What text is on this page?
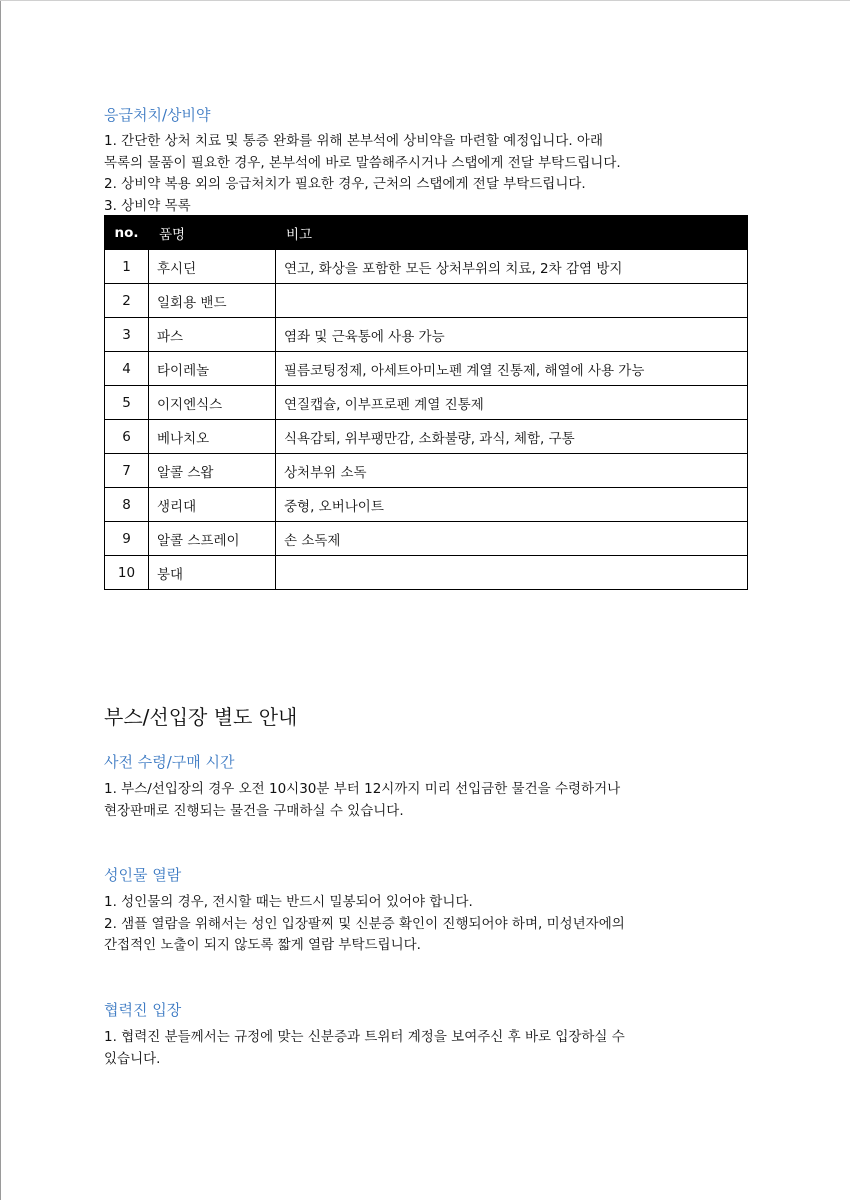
응급처치/상비약
1. 간단한 상처 치료 및 통증 완화를 위해 본부석에 상비약을 마련할 예정입니다. 아래
목록의 물품이 필요한 경우, 본부석에 바로 말씀해주시거나 스탭에게 전달 부탁드립니다.
2. 상비약 복용 외의 응급처치가 필요한 경우, 근처의 스탭에게 전달 부탁드립니다.
3. 상비약 목록
no.	품명	비고
1	후시딘	연고, 화상을 포함한 모든 상처부위의 치료, 2차 감염 방지
2	일회용 밴드	
3	파스	염좌 및 근육통에 사용 가능
4	타이레놀	필름코팅정제, 아세트아미노펜 계열 진통제, 해열에 사용 가능
5	이지엔식스	연질캡슐, 이부프로펜 계열 진통제
6	베나치오	식욕감퇴, 위부팽만감, 소화불량, 과식, 체함, 구통
7	알콜 스왑	상처부위 소독
8	생리대	중형, 오버나이트
9	알콜 스프레이	손 소독제
10	붕대	
부스/선입장 별도 안내
사전 수령/구매 시간
1. 부스/선입장의 경우 오전 10시30분 부터 12시까지 미리 선입금한 물건을 수령하거나
현장판매로 진행되는 물건을 구매하실 수 있습니다.
성인물 열람
1. 성인물의 경우, 전시할 때는 반드시 밀봉되어 있어야 합니다.
2. 샘플 열람을 위해서는 성인 입장팔찌 및 신분증 확인이 진행되어야 하며, 미성년자에의
간접적인 노출이 되지 않도록 짧게 열람 부탁드립니다.
협력진 입장
1. 협력진 분들께서는 규정에 맞는 신분증과 트위터 계정을 보여주신 후 바로 입장하실 수
있습니다.
